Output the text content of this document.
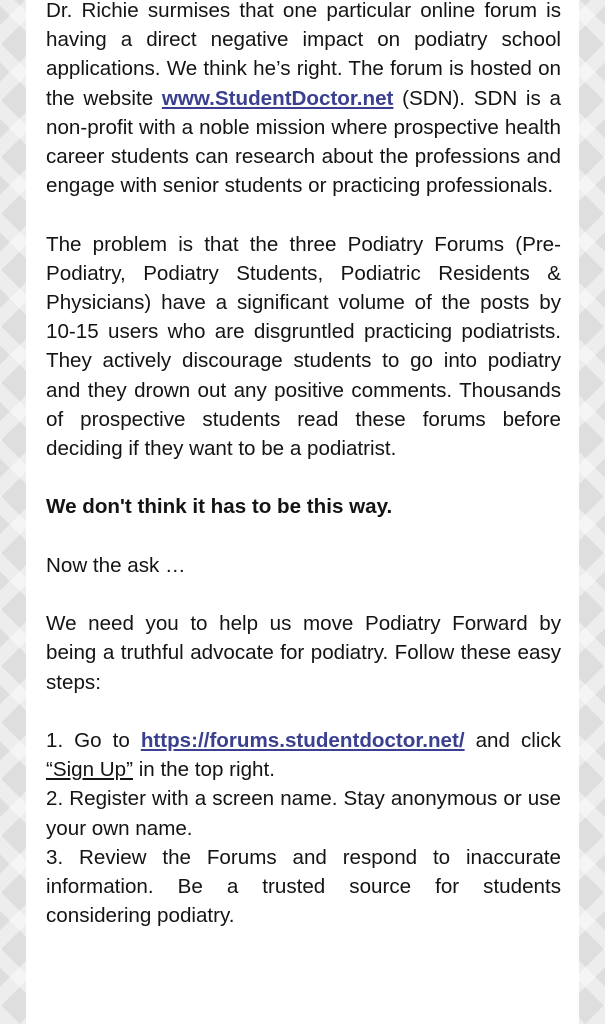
Dr. Richie surmises that one particular online forum is having a direct negative impact on podiatry school applications. We think he’s right. The forum is hosted on the website www.StudentDoctor.net (SDN). SDN is a non-profit with a noble mission where prospective health career students can research about the professions and engage with senior students or practicing professionals.

The problem is that the three Podiatry Forums (Pre-Podiatry, Podiatry Students, Podiatric Residents & Physicians) have a significant volume of the posts by 10-15 users who are disgruntled practicing podiatrists. They actively discourage students to go into podiatry and they drown out any positive comments. Thousands of prospective students read these forums before deciding if they want to be a podiatrist.

We don't think it has to be this way.

Now the ask …

We need you to help us move Podiatry Forward by being a truthful advocate for podiatry. Follow these easy steps:

1. Go to https://forums.studentdoctor.net/ and click “Sign Up” in the top right.

2. Register with a screen name. Stay anonymous or use your own name.

3. Review the Forums and respond to inaccurate information. Be a trusted source for students considering podiatry.
